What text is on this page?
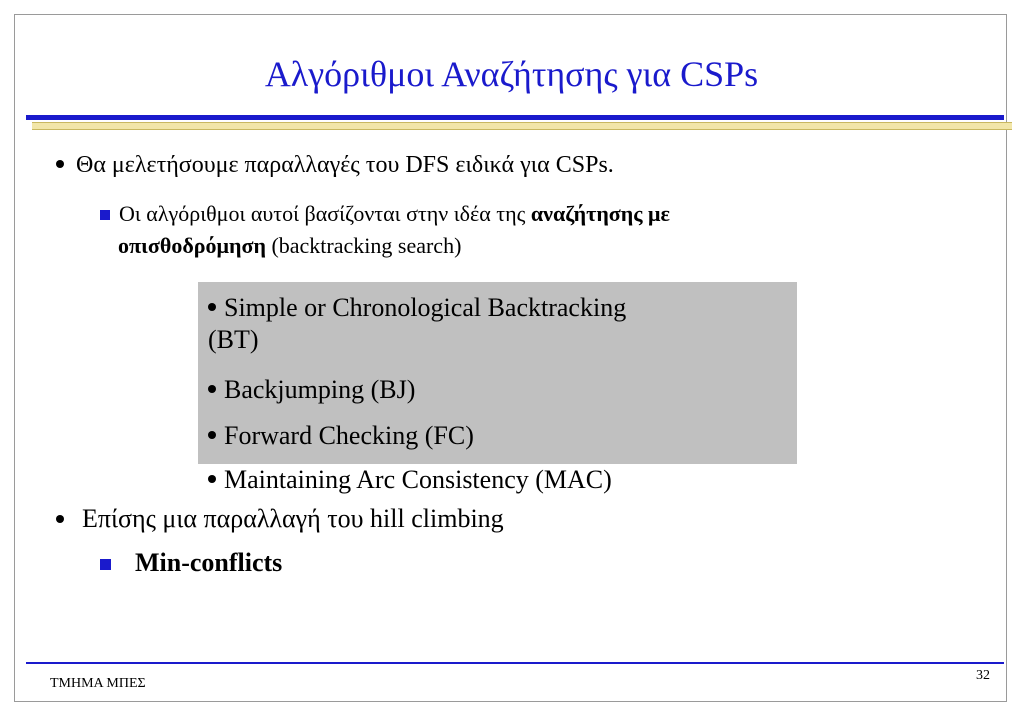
Αλγόριθμοι Αναζήτησης για CSPs
Θα μελετήσουμε παραλλαγές του DFS ειδικά για CSPs.
Οι αλγόριθμοι αυτοί βασίζονται στην ιδέα της αναζήτησης με
οπισθοδρόμηση (backtracking search)
Simple or Chronological Backtracking
(BT)
Backjumping (BJ)
Forward Checking (FC)
Maintaining Arc Consistency (MAC)
Επίσης μια παραλλαγή του hill climbing
Min-conflicts
ΤΜΗΜΑ ΜΠΕΣ
32
